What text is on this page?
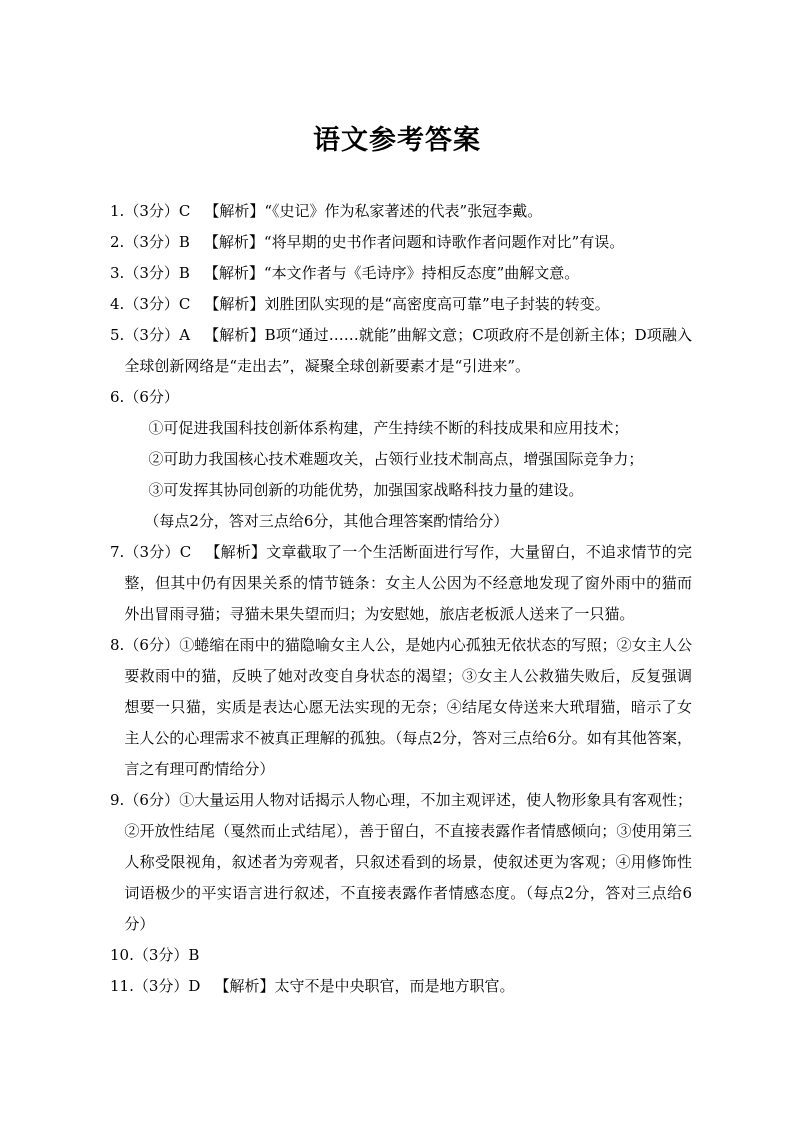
语文参考答案
1. （3分）C 【解析】“《史记》作为私家著述的代表”张冠李戴。
2. （3分）B 【解析】“将早期的史书作者问题和诗歌作者问题作对比”有误。
3. （3分）B 【解析】“本文作者与《毛诗序》持相反态度”曲解文意。
4. （3分）C 【解析】刘胜团队实现的是“高密度高可靠”电子封装的转变。
5. （3分）A 【解析】B项“通过……就能”曲解文意；C项政府不是创新主体；D项融入全球创新网络是“走出去”，凝聚全球创新要素才是“引进来”。
6. （6分）
①可促进我国科技创新体系构建，产生持续不断的科技成果和应用技术；
②可助力我国核心技术难题攻关，占领行业技术制高点，增强国际竞争力；
③可发挥其协同创新的功能优势，加强国家战略科技力量的建设。
（每点2分，答对三点给6分，其他合理答案酌情给分）
7. （3分）C 【解析】文章截取了一个生活断面进行写作，大量留白，不追求情节的完整，但其中仍有因果关系的情节链条：女主人公因为不经意地发现了窗外雨中的猫而外出冒雨寻猫；寻猫未果失望而归；为安慰她，旅店老板派人送来了一只猫。
8. （6分）①蜷缩在雨中的猫隐喻女主人公，是她内心孤独无依状态的写照；②女主人公要救雨中的猫，反映了她对改变自身状态的渴望；③女主人公救猫失败后，反复强调想要一只猫，实质是表达心愿无法实现的无奈；④结尾女侍送来大玳瑁猫，暗示了女主人公的心理需求不被真正理解的孤独。（每点2分，答对三点给6分。如有其他答案，言之有理可酌情给分）
9. （6分）①大量运用人物对话揭示人物心理，不加主观评述，使人物形象具有客观性；②开放性结尾（戛然而止式结尾），善于留白，不直接表露作者情感倾向；③使用第三人称受限视角，叙述者为旁观者，只叙述看到的场景，使叙述更为客观；④用修饰性词语极少的平实语言进行叙述，不直接表露作者情感态度。（每点2分，答对三点给6分）
10. （3分）B
11. （3分）D 【解析】太守不是中央职官，而是地方职官。
